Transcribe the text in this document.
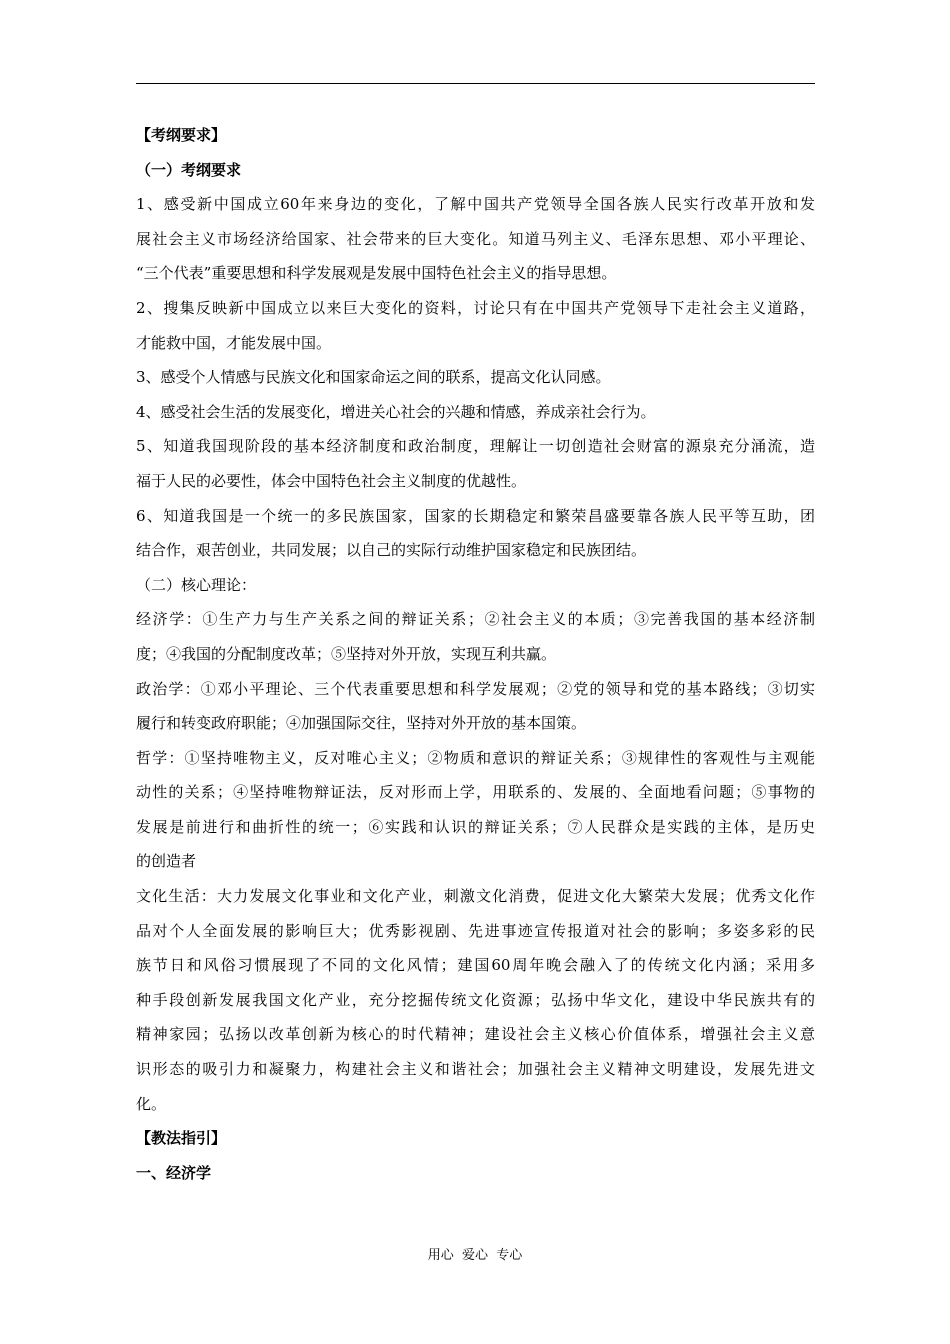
【考纲要求】
（一）考纲要求
1、感受新中国成立60年来身边的变化，了解中国共产党领导全国各族人民实行改革开放和发
展社会主义市场经济给国家、社会带来的巨大变化。知道马列主义、毛泽东思想、邓小平理论、
“三个代表”重要思想和科学发展观是发展中国特色社会主义的指导思想。
2、搜集反映新中国成立以来巨大变化的资料，讨论只有在中国共产党领导下走社会主义道路，
才能救中国，才能发展中国。
3、感受个人情感与民族文化和国家命运之间的联系，提高文化认同感。
4、感受社会生活的发展变化，增进关心社会的兴趣和情感，养成亲社会行为。
5、知道我国现阶段的基本经济制度和政治制度，理解让一切创造社会财富的源泉充分涌流，造
福于人民的必要性，体会中国特色社会主义制度的优越性。
6、知道我国是一个统一的多民族国家，国家的长期稳定和繁荣昌盛要靠各族人民平等互助，团
结合作，艰苦创业，共同发展；以自己的实际行动维护国家稳定和民族团结。
（二）核心理论：
经济学：①生产力与生产关系之间的辩证关系；②社会主义的本质；③完善我国的基本经济制
度；④我国的分配制度改革；⑤坚持对外开放，实现互利共赢。
政治学：①邓小平理论、三个代表重要思想和科学发展观；②党的领导和党的基本路线；③切实
履行和转变政府职能；④加强国际交往，坚持对外开放的基本国策。
哲学：①坚持唯物主义，反对唯心主义；②物质和意识的辩证关系；③规律性的客观性与主观能
动性的关系；④坚持唯物辩证法，反对形而上学，用联系的、发展的、全面地看问题；⑤事物的
发展是前进行和曲折性的统一；⑥实践和认识的辩证关系；⑦人民群众是实践的主体，是历史
的创造者
文化生活：大力发展文化事业和文化产业，刺激文化消费，促进文化大繁荣大发展；优秀文化作
品对个人全面发展的影响巨大；优秀影视剧、先进事迹宣传报道对社会的影响；多姿多彩的民
族节日和风俗习惯展现了不同的文化风情；建国60周年晚会融入了的传统文化内涵；采用多
种手段创新发展我国文化产业，充分挖掘传统文化资源；弘扬中华文化，建设中华民族共有的
精神家园；弘扬以改革创新为核心的时代精神；建设社会主义核心价值体系，增强社会主义意
识形态的吸引力和凝聚力，构建社会主义和谐社会；加强社会主义精神文明建设，发展先进文
化。
【教法指引】
一、经济学
用心  爱心  专心
